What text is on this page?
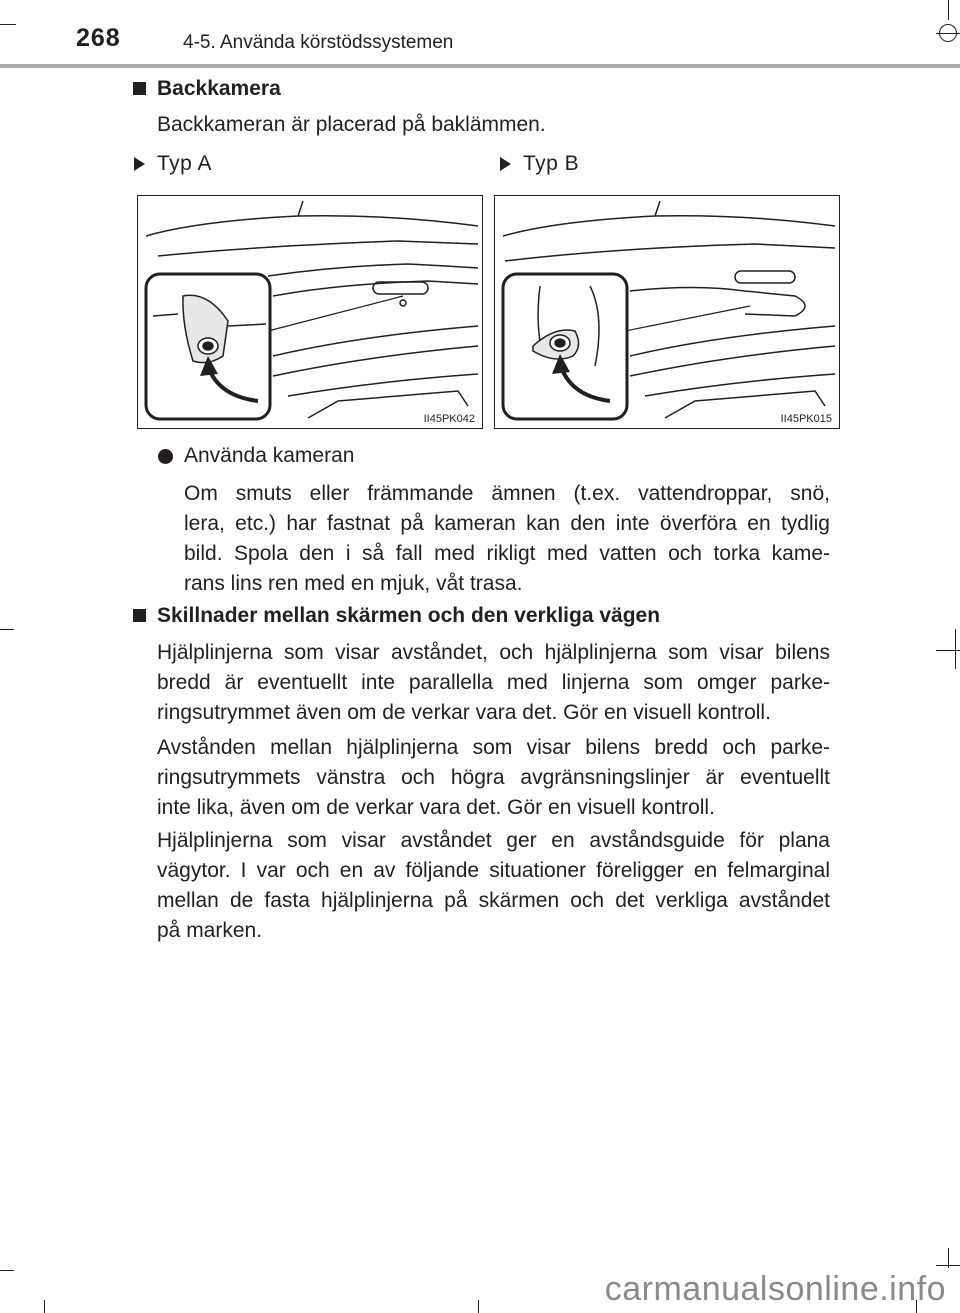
268	4-5. Använda körstödssystemen
Backkamera
Backkameran är placerad på baklämmen.
Typ A	Typ B
II45PK042	II45PK015
Använda kameran
Om smuts eller främmande ämnen (t.ex. vattendroppar, snö,
lera, etc.) har fastnat på kameran kan den inte överföra en tydlig
bild. Spola den i så fall med rikligt med vatten och torka kame-
rans lins ren med en mjuk, våt trasa.
Skillnader mellan skärmen och den verkliga vägen
Hjälplinjerna som visar avståndet, och hjälplinjerna som visar bilens
bredd är eventuellt inte parallella med linjerna som omger parke-
ringsutrymmet även om de verkar vara det. Gör en visuell kontroll.
Avstånden mellan hjälplinjerna som visar bilens bredd och parke-
ringsutrymmets vänstra och högra avgränsningslinjer är eventuellt
inte lika, även om de verkar vara det. Gör en visuell kontroll.
Hjälplinjerna som visar avståndet ger en avståndsguide för plana
vägytor. I var och en av följande situationer föreligger en felmarginal
mellan de fasta hjälplinjerna på skärmen och det verkliga avståndet
på marken.
carmanualsonline.info
